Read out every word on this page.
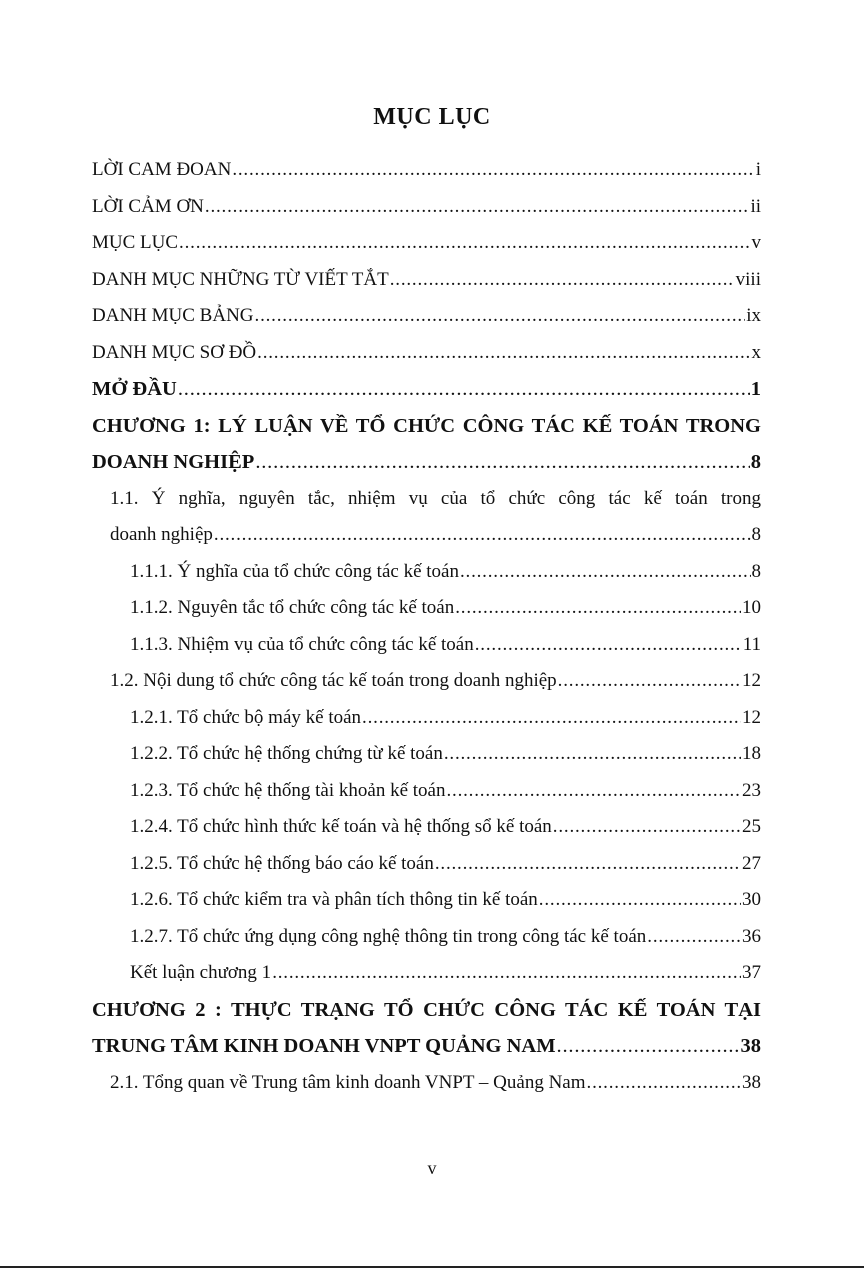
MỤC LỤC
LỜI CAM ĐOAN .....	i
LỜI CẢM ƠN .....	ii
MỤC LỤC .....	v
DANH MỤC NHỮNG TỪ VIẾT TẮT .....	viii
DANH MỤC BẢNG .....	ix
DANH MỤC SƠ ĐỒ .....	x
MỞ ĐẦU .....	1
CHƯƠNG 1: LÝ LUẬN VỀ TỔ CHỨC CÔNG TÁC KẾ TOÁN TRONG
DOANH NGHIỆP .....	8
1.1. Ý nghĩa, nguyên tắc, nhiệm vụ của tổ chức công tác kế toán trong
doanh nghiệp .....	8
1.1.1. Ý nghĩa của tổ chức công tác kế toán .....	8
1.1.2. Nguyên tắc tổ chức công tác kế toán .....	10
1.1.3. Nhiệm vụ của tổ chức công tác kế toán .....	11
1.2. Nội dung tổ chức công tác kế toán trong doanh nghiệp .....	12
1.2.1. Tổ chức bộ máy kế toán .....	12
1.2.2. Tổ chức hệ thống chứng từ kế toán .....	18
1.2.3. Tổ chức hệ thống tài khoản kế toán .....	23
1.2.4. Tổ chức hình thức kế toán và hệ thống sổ kế toán .....	25
1.2.5. Tổ chức hệ thống báo cáo kế toán .....	27
1.2.6. Tổ chức kiểm tra và phân tích thông tin kế toán .....	30
1.2.7. Tổ chức ứng dụng công nghệ thông tin trong công tác kế toán .....	36
Kết luận chương 1 .....	37
CHƯƠNG 2 : THỰC TRẠNG TỔ CHỨC CÔNG TÁC KẾ TOÁN TẠI
TRUNG TÂM KINH DOANH VNPT QUẢNG NAM .....	38
2.1. Tổng quan về Trung tâm kinh doanh VNPT – Quảng Nam .....	38
v
